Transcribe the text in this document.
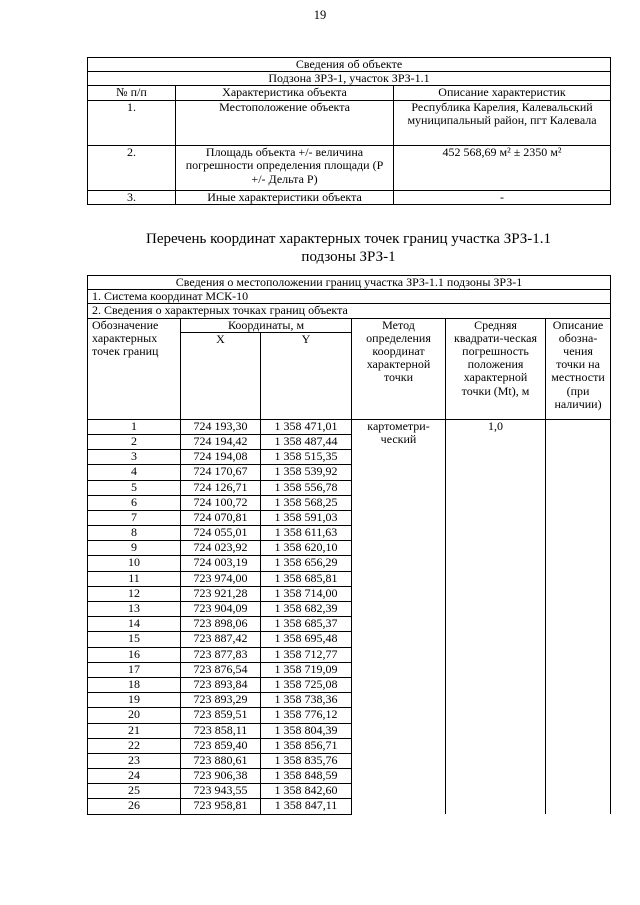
19
Сведения об объекте		
Подзона ЗРЗ-1, участок ЗРЗ-1.1		
№ п/п	Характеристика объекта	Описание характеристик
1.	Местоположение объекта	Республика Карелия, Калевальский муниципальный район, пгт Калевала
2.	Площадь объекта +/- величина погрешности определения площади (Р +/- Дельта Р)	452 568,69 м² ± 2350 м²
3.	Иные характеристики объекта	-
Перечень координат характерных точек границ участка ЗРЗ-1.1
подзоны ЗРЗ-1
Сведения о местоположении границ участка ЗРЗ-1.1 подзоны ЗРЗ-1					
1. Система координат МСК-10					
2. Сведения о характерных точках границ объекта					
Обозначение характерных точек границ	Координаты, м		Метод определения координат характерной точки	Средняя квадрати-ческая погрешность положения характерной точки (Mt), м	Описание обозна-чения точки на местности (при наличии)
	X	Y			
1	724 193,30	1 358 471,01	картометри-ческий	1,0	
2	724 194,42	1 358 487,44			
3	724 194,08	1 358 515,35			
4	724 170,67	1 358 539,92			
5	724 126,71	1 358 556,78			
6	724 100,72	1 358 568,25			
7	724 070,81	1 358 591,03			
8	724 055,01	1 358 611,63			
9	724 023,92	1 358 620,10			
10	724 003,19	1 358 656,29			
11	723 974,00	1 358 685,81			
12	723 921,28	1 358 714,00			
13	723 904,09	1 358 682,39			
14	723 898,06	1 358 685,37			
15	723 887,42	1 358 695,48			
16	723 877,83	1 358 712,77			
17	723 876,54	1 358 719,09			
18	723 893,84	1 358 725,08			
19	723 893,29	1 358 738,36			
20	723 859,51	1 358 776,12			
21	723 858,11	1 358 804,39			
22	723 859,40	1 358 856,71			
23	723 880,61	1 358 835,76			
24	723 906,38	1 358 848,59			
25	723 943,55	1 358 842,60			
26	723 958,81	1 358 847,11			
